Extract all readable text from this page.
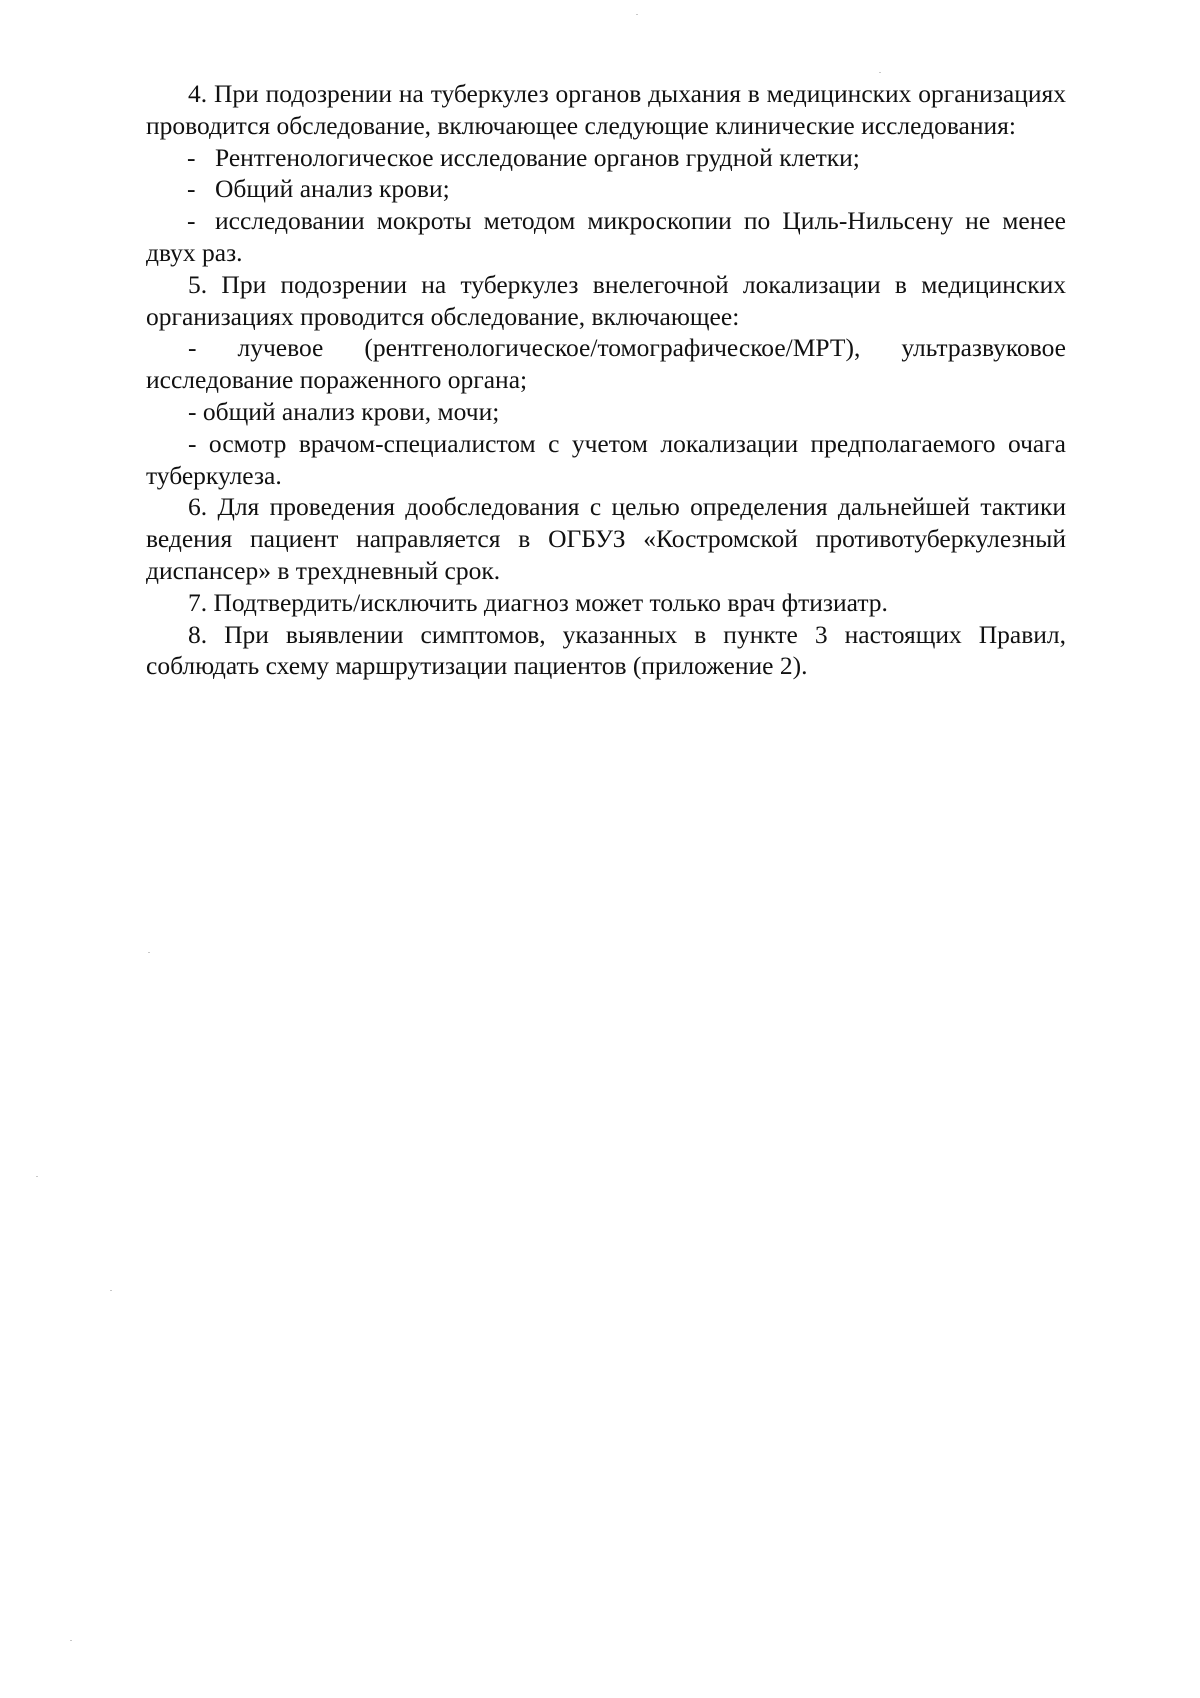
4. При подозрении на туберкулез органов дыхания в медицинских организациях проводится обследование, включающее следующие клинические исследования:

- Рентгенологическое исследование органов грудной клетки;

- Общий анализ крови;

- исследовании мокроты методом микроскопии по Циль-Нильсену не менее двух раз.

5. При подозрении на туберкулез внелегочной локализации в медицинских организациях проводится обследование, включающее:

- лучевое (рентгенологическое/томографическое/МРТ), ультразвуковое исследование пораженного органа;

- общий анализ крови, мочи;

- осмотр врачом-специалистом с учетом локализации предполагаемого очага туберкулеза.

6. Для проведения дообследования с целью определения дальнейшей тактики ведения пациент направляется в ОГБУЗ «Костромской противотуберкулезный диспансер» в трехдневный срок.

7. Подтвердить/исключить диагноз может только врач фтизиатр.

8. При выявлении симптомов, указанных в пункте 3 настоящих Правил, соблюдать схему маршрутизации пациентов (приложение 2).
